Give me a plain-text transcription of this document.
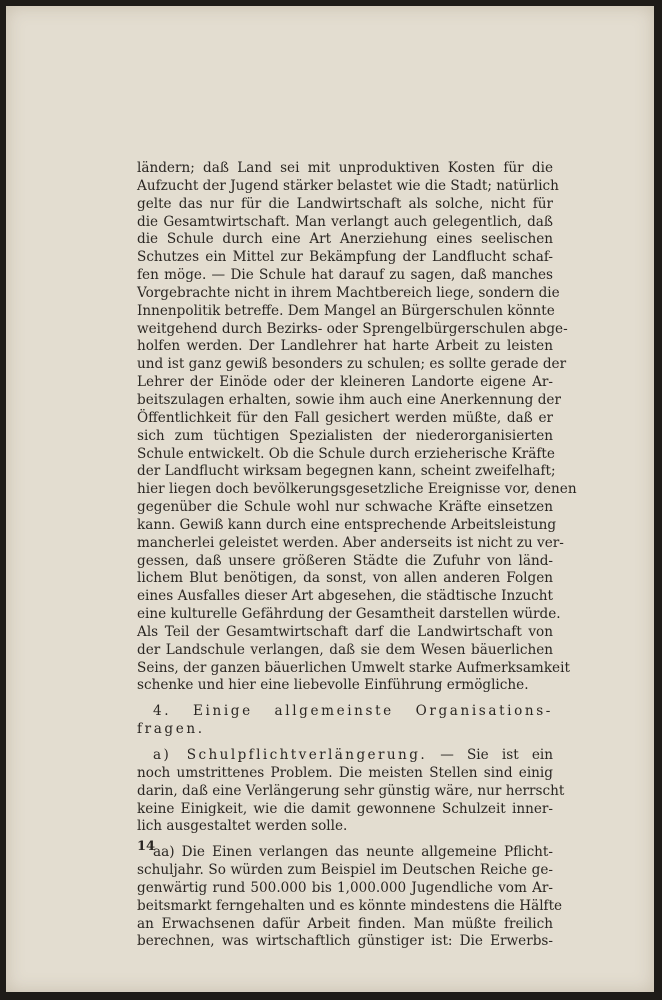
ländern; daß Land sei mit unproduktiven Kosten für die
Aufzucht der Jugend stärker belastet wie die Stadt; natürlich
gelte das nur für die Landwirtschaft als solche, nicht für
die Gesamtwirtschaft. Man verlangt auch gelegentlich, daß
die Schule durch eine Art Anerziehung eines seelischen
Schutzes ein Mittel zur Bekämpfung der Landflucht schaf-
fen möge. — Die Schule hat darauf zu sagen, daß manches
Vorgebrachte nicht in ihrem Machtbereich liege, sondern die
Innenpolitik betreffe. Dem Mangel an Bürgerschulen könnte
weitgehend durch Bezirks- oder Sprengelbürgerschulen abge-
holfen werden. Der Landlehrer hat harte Arbeit zu leisten
und ist ganz gewiß besonders zu schulen; es sollte gerade der
Lehrer der Einöde oder der kleineren Landorte eigene Ar-
beitszulagen erhalten, sowie ihm auch eine Anerkennung der
Öffentlichkeit für den Fall gesichert werden müßte, daß er
sich zum tüchtigen Spezialisten der niederorganisierten
Schule entwickelt. Ob die Schule durch erzieherische Kräfte
der Landflucht wirksam begegnen kann, scheint zweifelhaft;
hier liegen doch bevölkerungsgesetzliche Ereignisse vor, denen
gegenüber die Schule wohl nur schwache Kräfte einsetzen
kann. Gewiß kann durch eine entsprechende Arbeitsleistung
mancherlei geleistet werden. Aber anderseits ist nicht zu ver-
gessen, daß unsere größeren Städte die Zufuhr von länd-
lichem Blut benötigen, da sonst, von allen anderen Folgen
eines Ausfalles dieser Art abgesehen, die städtische Inzucht
eine kulturelle Gefährdung der Gesamtheit darstellen würde.
Als Teil der Gesamtwirtschaft darf die Landwirtschaft von
der Landschule verlangen, daß sie dem Wesen bäuerlichen
Seins, der ganzen bäuerlichen Umwelt starke Aufmerksamkeit
schenke und hier eine liebevolle Einführung ermögliche.

4. Einige allgemeinste Organisations-
fragen.

a) Schulpflichtverlängerung. — Sie ist ein
noch umstrittenes Problem. Die meisten Stellen sind einig
darin, daß eine Verlängerung sehr günstig wäre, nur herrscht
keine Einigkeit, wie die damit gewonnene Schulzeit inner-
lich ausgestaltet werden solle.

aa) Die Einen verlangen das neunte allgemeine Pflicht-
schuljahr. So würden zum Beispiel im Deutschen Reiche ge-
genwärtig rund 500.000 bis 1,000.000 Jugendliche vom Ar-
beitsmarkt ferngehalten und es könnte mindestens die Hälfte
an Erwachsenen dafür Arbeit finden. Man müßte freilich
berechnen, was wirtschaftlich günstiger ist: Die Erwerbs-

14
